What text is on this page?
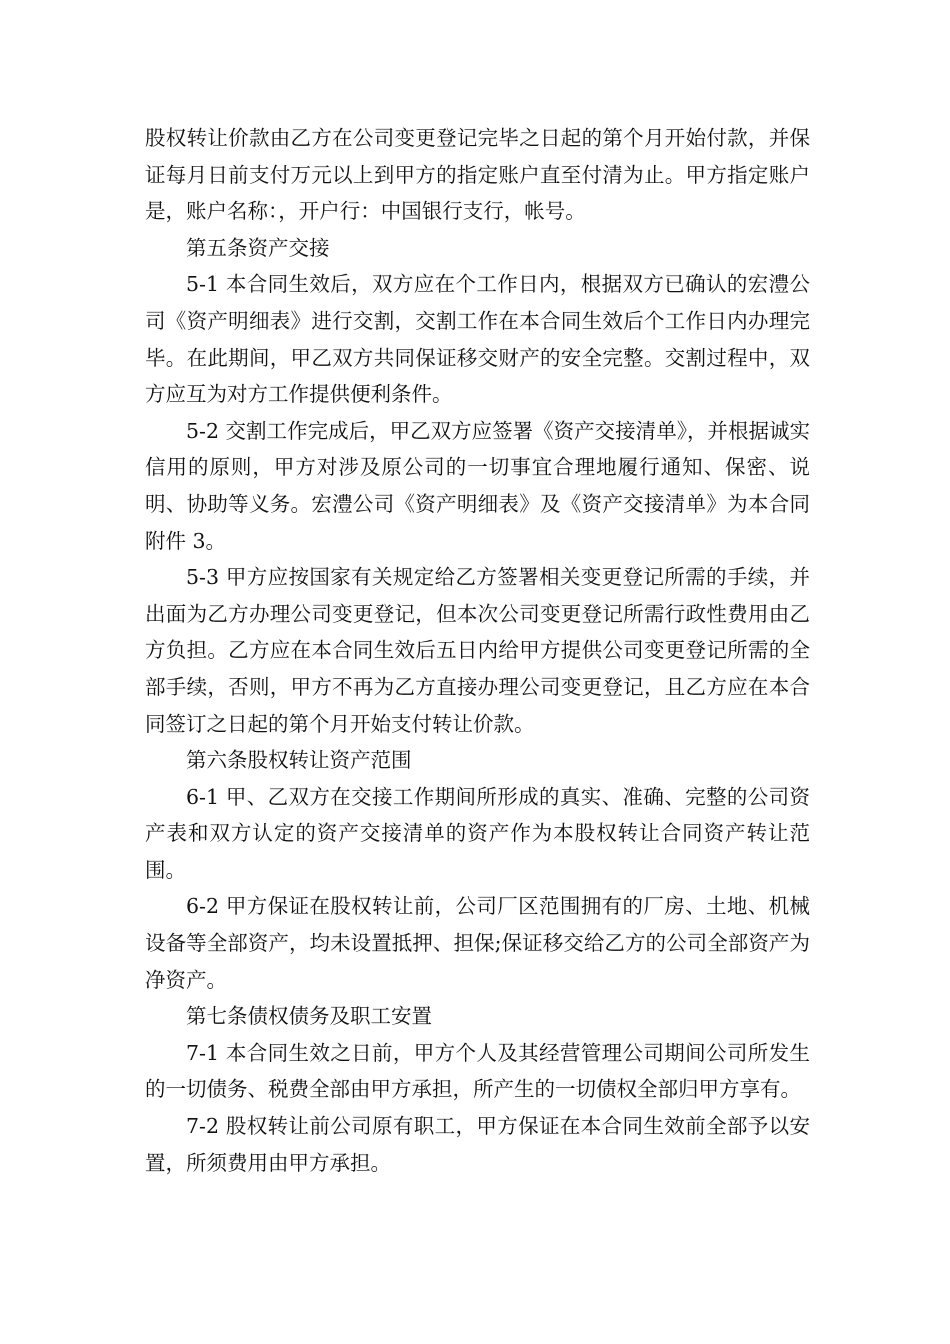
股权转让价款由乙方在公司变更登记完毕之日起的第个月开始付款，并保证每月日前支付万元以上到甲方的指定账户直至付清为止。甲方指定账户是，账户名称：，开户行：中国银行支行，帐号。

第五条资产交接

5-1 本合同生效后，双方应在个工作日内，根据双方已确认的宏澧公司《资产明细表》进行交割，交割工作在本合同生效后个工作日内办理完毕。在此期间，甲乙双方共同保证移交财产的安全完整。交割过程中，双方应互为对方工作提供便利条件。

5-2 交割工作完成后，甲乙双方应签署《资产交接清单》，并根据诚实信用的原则，甲方对涉及原公司的一切事宜合理地履行通知、保密、说明、协助等义务。宏澧公司《资产明细表》及《资产交接清单》为本合同附件 3。

5-3 甲方应按国家有关规定给乙方签署相关变更登记所需的手续，并出面为乙方办理公司变更登记，但本次公司变更登记所需行政性费用由乙方负担。乙方应在本合同生效后五日内给甲方提供公司变更登记所需的全部手续，否则，甲方不再为乙方直接办理公司变更登记，且乙方应在本合同签订之日起的第个月开始支付转让价款。

第六条股权转让资产范围

6-1 甲、乙双方在交接工作期间所形成的真实、准确、完整的公司资产表和双方认定的资产交接清单的资产作为本股权转让合同资产转让范围。

6-2 甲方保证在股权转让前，公司厂区范围拥有的厂房、土地、机械设备等全部资产，均未设置抵押、担保;保证移交给乙方的公司全部资产为净资产。

第七条债权债务及职工安置

7-1 本合同生效之日前，甲方个人及其经营管理公司期间公司所发生的一切债务、税费全部由甲方承担，所产生的一切债权全部归甲方享有。

7-2 股权转让前公司原有职工，甲方保证在本合同生效前全部予以安置，所须费用由甲方承担。
